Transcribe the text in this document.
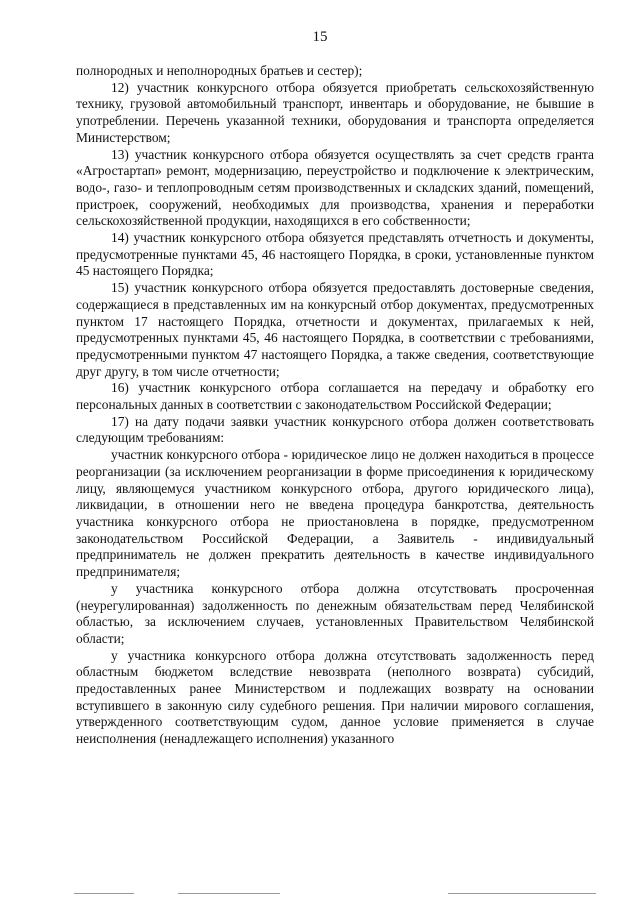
15

полнородных и неполнородных братьев и сестер);

12) участник конкурсного отбора обязуется приобретать сельскохозяйственную технику, грузовой автомобильный транспорт, инвентарь и оборудование, не бывшие в употреблении. Перечень указанной техники, оборудования и транспорта определяется Министерством;

13) участник конкурсного отбора обязуется осуществлять за счет средств гранта «Агростартап» ремонт, модернизацию, переустройство и подключение к электрическим, водо-, газо- и теплопроводным сетям производственных и складских зданий, помещений, пристроек, сооружений, необходимых для производства, хранения и переработки сельскохозяйственной продукции, находящихся в его собственности;

14) участник конкурсного отбора обязуется представлять отчетность и документы, предусмотренные пунктами 45, 46 настоящего Порядка, в сроки, установленные пунктом 45 настоящего Порядка;

15) участник конкурсного отбора обязуется предоставлять достоверные сведения, содержащиеся в представленных им на конкурсный отбор документах, предусмотренных пунктом 17 настоящего Порядка, отчетности и документах, прилагаемых к ней, предусмотренных пунктами 45, 46 настоящего Порядка, в соответствии с требованиями, предусмотренными пунктом 47 настоящего Порядка, а также сведения, соответствующие друг другу, в том числе отчетности;

16) участник конкурсного отбора соглашается на передачу и обработку его персональных данных в соответствии с законодательством Российской Федерации;

17) на дату подачи заявки участник конкурсного отбора должен соответствовать следующим требованиям:

участник конкурсного отбора - юридическое лицо не должен находиться в процессе реорганизации (за исключением реорганизации в форме присоединения к юридическому лицу, являющемуся участником конкурсного отбора, другого юридического лица), ликвидации, в отношении него не введена процедура банкротства, деятельность участника конкурсного отбора не приостановлена в порядке, предусмотренном законодательством Российской Федерации, а Заявитель - индивидуальный предприниматель не должен прекратить деятельность в качестве индивидуального предпринимателя;

у участника конкурсного отбора должна отсутствовать просроченная (неурегулированная) задолженность по денежным обязательствам перед Челябинской областью, за исключением случаев, установленных Правительством Челябинской области;

у участника конкурсного отбора должна отсутствовать задолженность перед областным бюджетом вследствие невозврата (неполного возврата) субсидий, предоставленных ранее Министерством и подлежащих возврату на основании вступившего в законную силу судебного решения. При наличии мирового соглашения, утвержденного соответствующим судом, данное условие применяется в случае неисполнения (ненадлежащего исполнения) указанного
